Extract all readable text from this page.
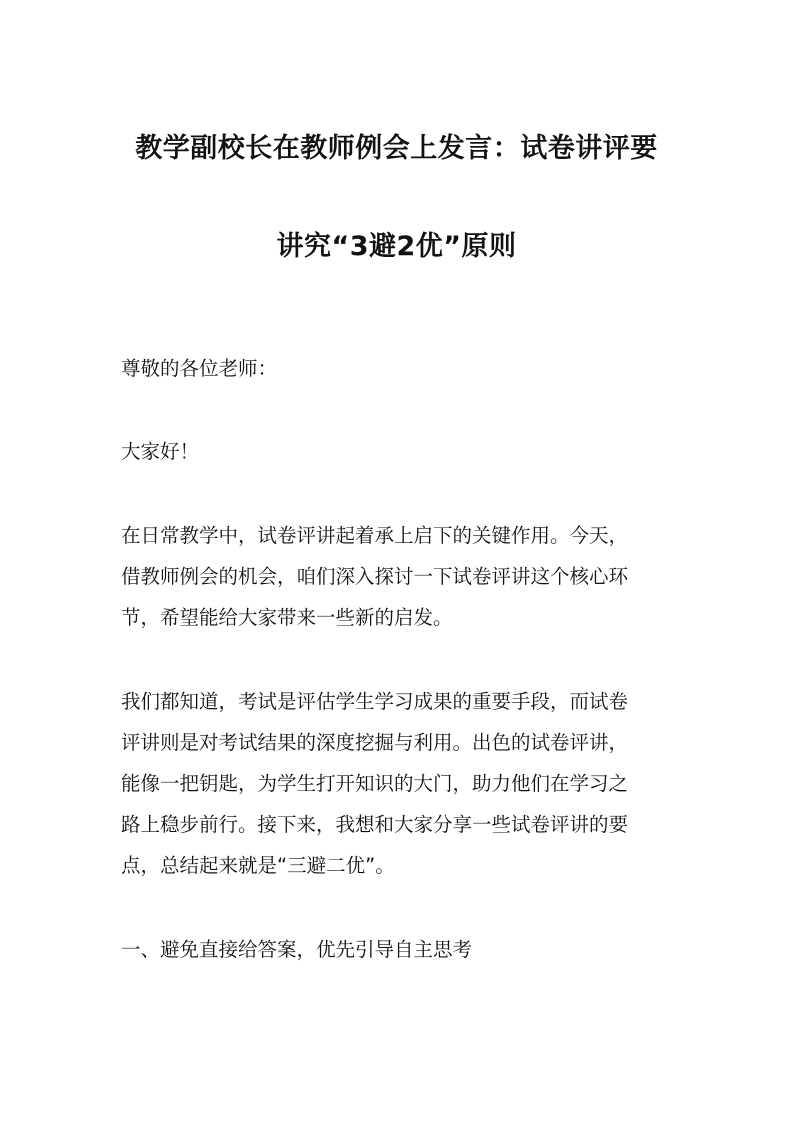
教学副校长在教师例会上发言：试卷讲评要
讲究“3避2优”原则

尊敬的各位老师：

大家好！

在日常教学中，试卷评讲起着承上启下的关键作用。今天，
借教师例会的机会，咱们深入探讨一下试卷评讲这个核心环
节，希望能给大家带来一些新的启发。

我们都知道，考试是评估学生学习成果的重要手段，而试卷
评讲则是对考试结果的深度挖掘与利用。出色的试卷评讲，
能像一把钥匙，为学生打开知识的大门，助力他们在学习之
路上稳步前行。接下来，我想和大家分享一些试卷评讲的要
点，总结起来就是“三避二优”。

一、避免直接给答案，优先引导自主思考
